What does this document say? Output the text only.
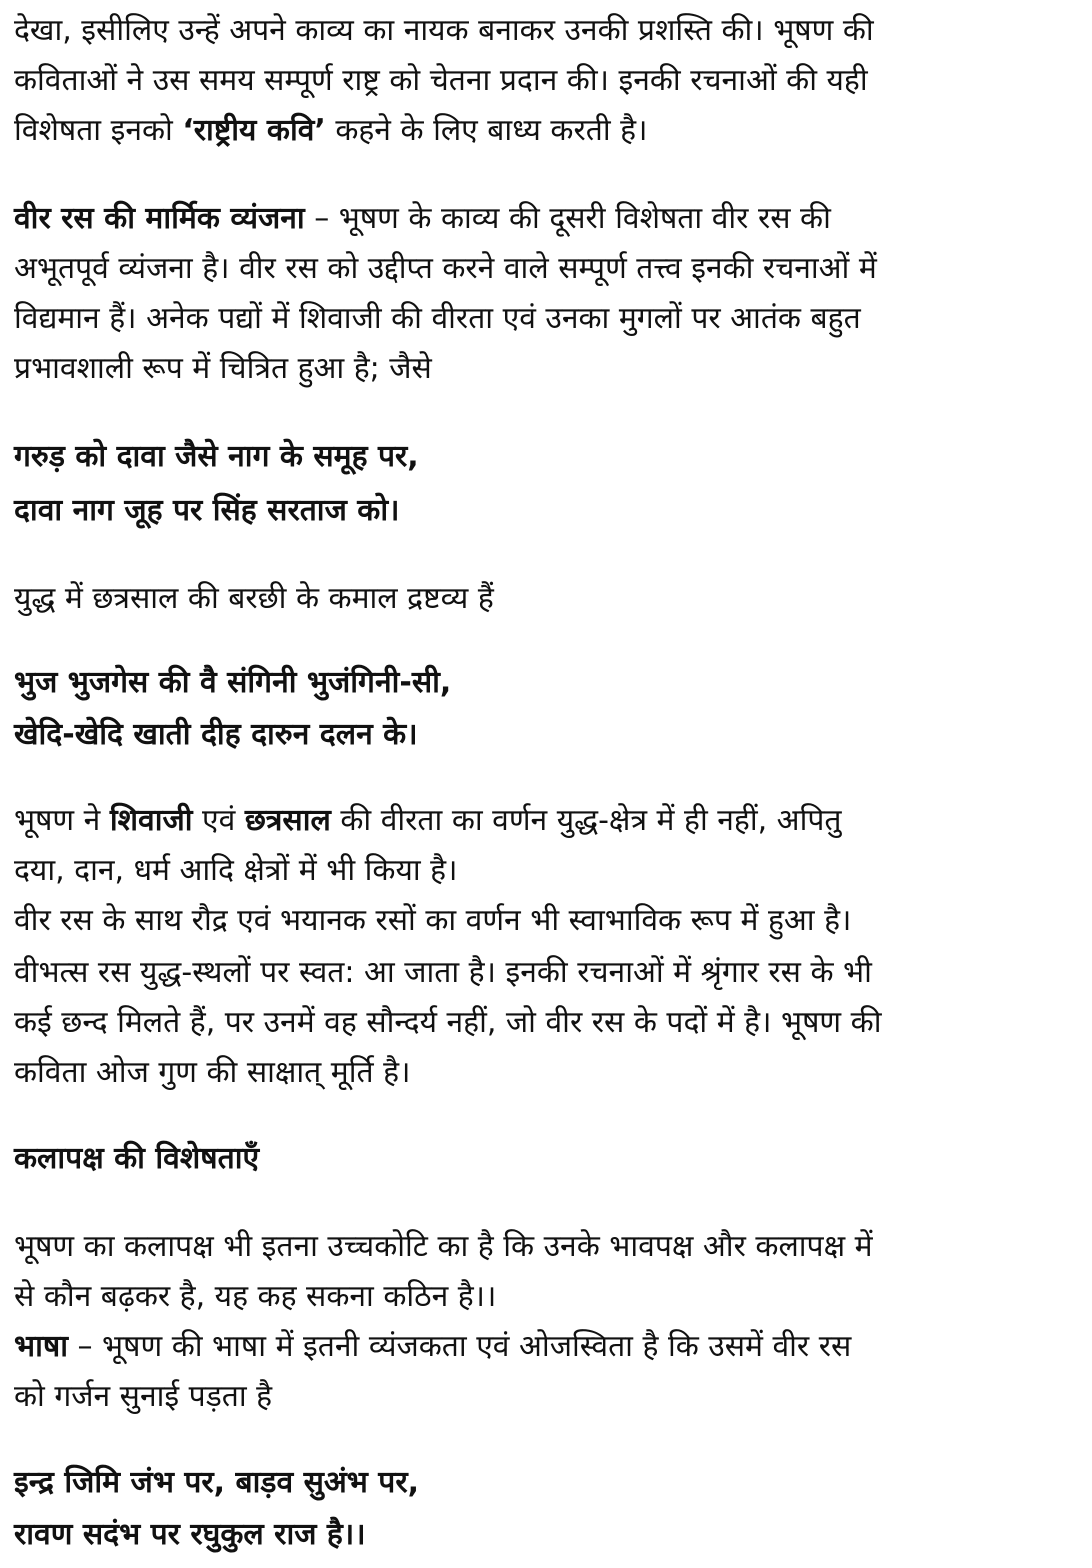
देखा, इसीलिए उन्हें अपने काव्य का नायक बनाकर उनकी प्रशस्ति की। भूषण की
कविताओं ने उस समय सम्पूर्ण राष्ट्र को चेतना प्रदान की। इनकी रचनाओं की यही
विशेषता इनको ‘राष्ट्रीय कवि’ कहने के लिए बाध्य करती है।
वीर रस की मार्मिक व्यंजना – भूषण के काव्य की दूसरी विशेषता वीर रस की
अभूतपूर्व व्यंजना है। वीर रस को उद्दीप्त करने वाले सम्पूर्ण तत्त्व इनकी रचनाओं में
विद्यमान हैं। अनेक पद्यों में शिवाजी की वीरता एवं उनका मुगलों पर आतंक बहुत
प्रभावशाली रूप में चित्रित हुआ है; जैसे
गरुड़ को दावा जैसे नाग के समूह पर,
दावा नाग जूह पर सिंह सरताज को।
युद्ध में छत्रसाल की बरछी के कमाल द्रष्टव्य हैं
भुज भुजगेस की वै संगिनी भुजंगिनी-सी,
खेदि-खेदि खाती दीह दारुन दलन के।
भूषण ने शिवाजी एवं छत्रसाल की वीरता का वर्णन युद्ध-क्षेत्र में ही नहीं, अपितु
दया, दान, धर्म आदि क्षेत्रों में भी किया है।
वीर रस के साथ रौद्र एवं भयानक रसों का वर्णन भी स्वाभाविक रूप में हुआ है।
वीभत्स रस युद्ध-स्थलों पर स्वत: आ जाता है। इनकी रचनाओं में श्रृंगार रस के भी
कई छन्द मिलते हैं, पर उनमें वह सौन्दर्य नहीं, जो वीर रस के पदों में है। भूषण की
कविता ओज गुण की साक्षात् मूर्ति है।
कलापक्ष की विशेषताएँ
भूषण का कलापक्ष भी इतना उच्चकोटि का है कि उनके भावपक्ष और कलापक्ष में
से कौन बढ़कर है, यह कह सकना कठिन है।।
भाषा – भूषण की भाषा में इतनी व्यंजकता एवं ओजस्विता है कि उसमें वीर रस
को गर्जन सुनाई पड़ता है
इन्द्र जिमि जंभ पर, बाड़व सुअंभ पर,
रावण सदंभ पर रघुकुल राज है।।
